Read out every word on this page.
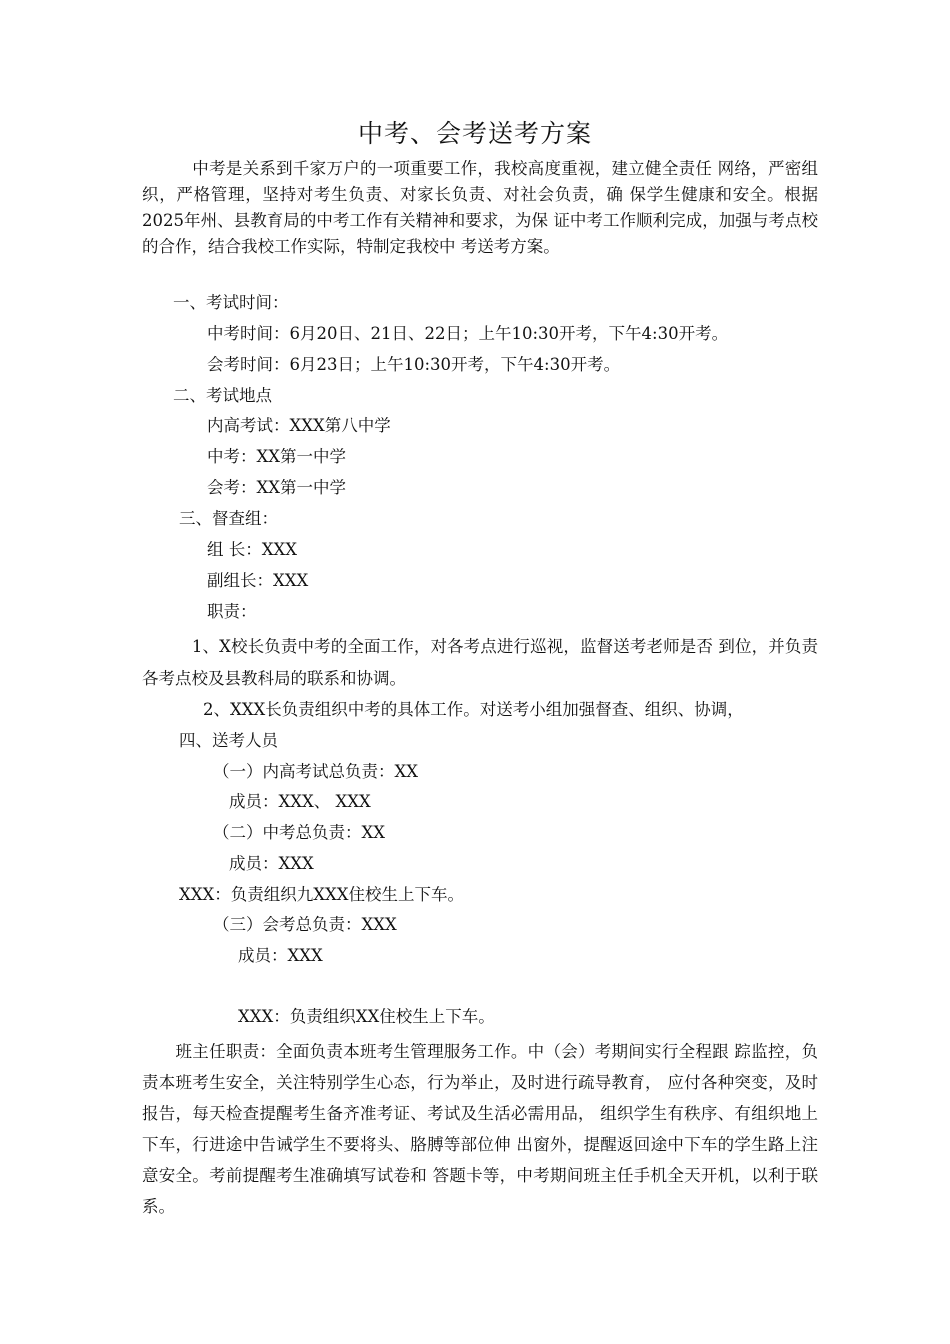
中考、会考送考方案
　　　中考是关系到千家万户的一项重要工作，我校高度重视，建立健全责任 网络，严密组织，严格管理，坚持对考生负责、对家长负责、对社会负责，确 保学生健康和安全。根据2025年州、县教育局的中考工作有关精神和要求，为保 证中考工作顺利完成，加强与考点校的合作，结合我校工作实际，特制定我校中 考送考方案。
一、考试时间：
中考时间：6月20日、21日、22日；上午10:30开考，下午4:30开考。
会考时间：6月23日；上午10:30开考，下午4:30开考。
二、考试地点
内高考试：XXX第八中学
中考：XX第一中学
会考：XX第一中学
三、督查组：
组 长：XXX
副组长：XXX
职责：
　　　1、X校长负责中考的全面工作，对各考点进行巡视，监督送考老师是否 到位，并负责各考点校及县教科局的联系和协调。
2、XXX长负责组织中考的具体工作。对送考小组加强督查、组织、协调，
四、送考人员
（一）内高考试总负责：XX
成员：XXX、 XXX
（二）中考总负责：XX
成员：XXX
XXX：负责组织九XXX住校生上下车。
（三）会考总负责：XXX
成员：XXX
XXX：负责组织XX住校生上下车。
　　班主任职责：全面负责本班考生管理服务工作。中（会）考期间实行全程跟 踪监控，负责本班考生安全，关注特别学生心态，行为举止，及时进行疏导教育， 应付各种突变，及时报告，每天检查提醒考生备齐准考证、考试及生活必需用品， 组织学生有秩序、有组织地上下车，行进途中告诫学生不要将头、胳膊等部位伸 出窗外，提醒返回途中下车的学生路上注意安全。考前提醒考生准确填写试卷和 答题卡等，中考期间班主任手机全天开机，以利于联系。
